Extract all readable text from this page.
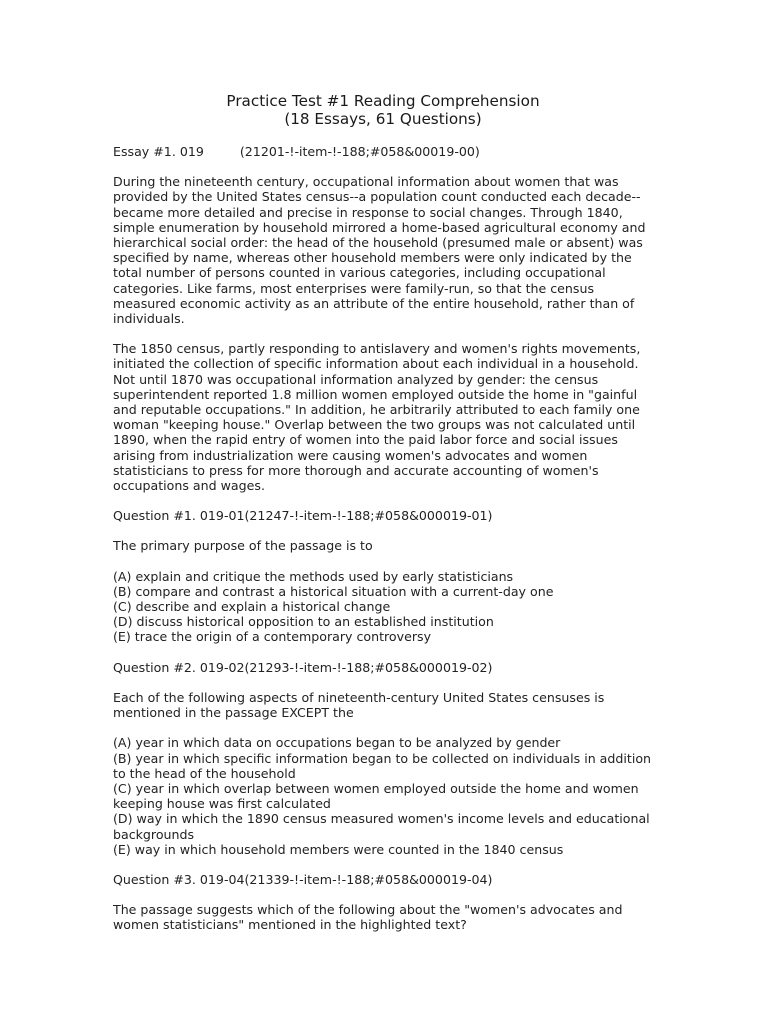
Practice Test #1 Reading Comprehension
(18 Essays, 61 Questions)

Essay #1. 019	(21201-!-item-!-188;#058&00019-00)

During the nineteenth century, occupational information about women that was provided by the United States census--a population count conducted each decade--became more detailed and precise in response to social changes. Through 1840, simple enumeration by household mirrored a home-based agricultural economy and hierarchical social order: the head of the household (presumed male or absent) was specified by name, whereas other household members were only indicated by the total number of persons counted in various categories, including occupational categories. Like farms, most enterprises were family-run, so that the census measured economic activity as an attribute of the entire household, rather than of individuals.

The 1850 census, partly responding to antislavery and women's rights movements, initiated the collection of specific information about each individual in a household. Not until 1870 was occupational information analyzed by gender: the census superintendent reported 1.8 million women employed outside the home in "gainful and reputable occupations." In addition, he arbitrarily attributed to each family one woman "keeping house." Overlap between the two groups was not calculated until 1890, when the rapid entry of women into the paid labor force and social issues arising from industrialization were causing women's advocates and women statisticians to press for more thorough and accurate accounting of women's occupations and wages.

Question #1. 019-01(21247-!-item-!-188;#058&000019-01)

The primary purpose of the passage is to

(A) explain and critique the methods used by early statisticians
(B) compare and contrast a historical situation with a current-day one
(C) describe and explain a historical change
(D) discuss historical opposition to an established institution
(E) trace the origin of a contemporary controversy

Question #2. 019-02(21293-!-item-!-188;#058&000019-02)

Each of the following aspects of nineteenth-century United States censuses is mentioned in the passage EXCEPT the

(A) year in which data on occupations began to be analyzed by gender
(B) year in which specific information began to be collected on individuals in addition to the head of the household
(C) year in which overlap between women employed outside the home and women keeping house was first calculated
(D) way in which the 1890 census measured women's income levels and educational backgrounds
(E) way in which household members were counted in the 1840 census

Question #3. 019-04(21339-!-item-!-188;#058&000019-04)

The passage suggests which of the following about the "women's advocates and women statisticians" mentioned in the highlighted text?
